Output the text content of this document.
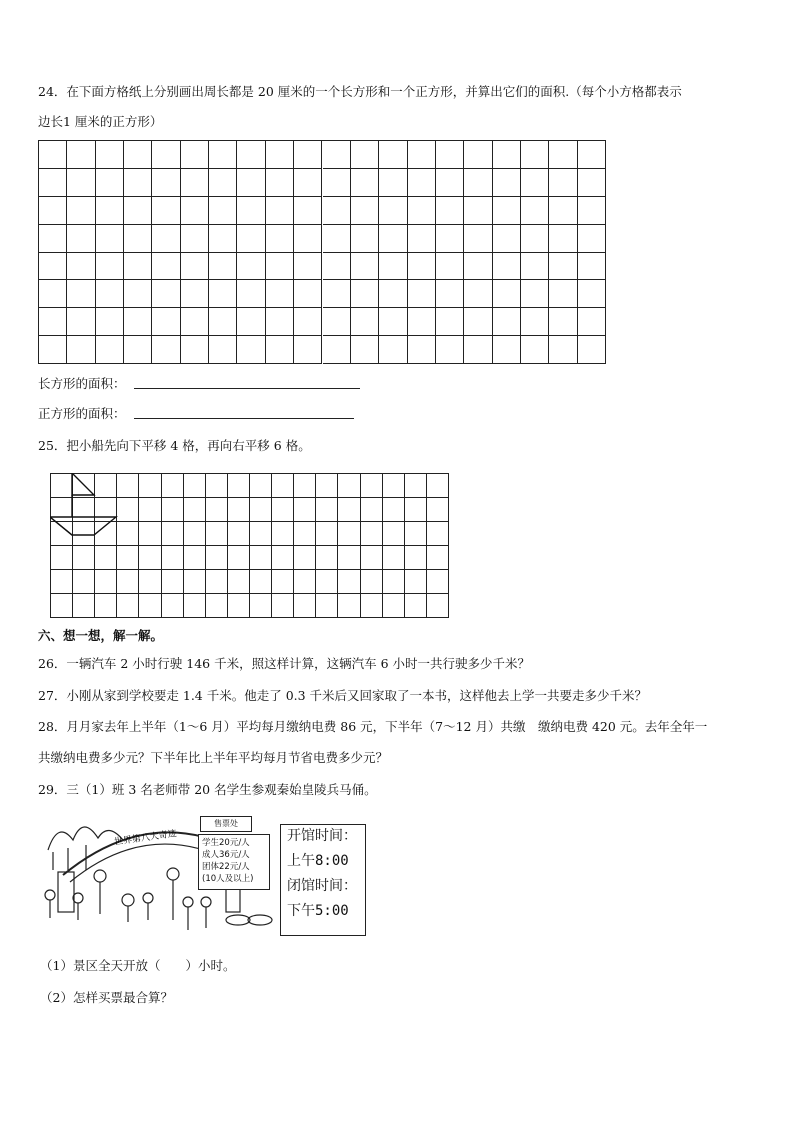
24．在下面方格纸上分别画出周长都是 20 厘米的一个长方形和一个正方形，并算出它们的面积.（每个小方格都表示
边长1 厘米的正方形）
长方形的面积：
正方形的面积：
25．把小船先向下平移 4 格，再向右平移 6 格。
六、想一想，解一解。
26．一辆汽车 2 小时行驶 146 千米，照这样计算，这辆汽车 6 小时一共行驶多少千米？
27．小刚从家到学校要走 1.4 千米。他走了 0.3 千米后又回家取了一本书，这样他去上学一共要走多少千米？
28．月月家去年上半年（1～6 月）平均每月缴纳电费 86 元，下半年（7～12 月）共缴　缴纳电费 420 元。去年全年一
共缴纳电费多少元？下半年比上半年平均每月节省电费多少元？
29．三（1）班 3 名老师带 20 名学生参观秦始皇陵兵马俑。
世界第八大奇迹
售票处
学生20元/人
成人36元/人
团体22元/人
(10人及以上)
开馆时间：
上午8:00
闭馆时间：
下午5:00
（1）景区全天开放（　　）小时。
（2）怎样买票最合算？
